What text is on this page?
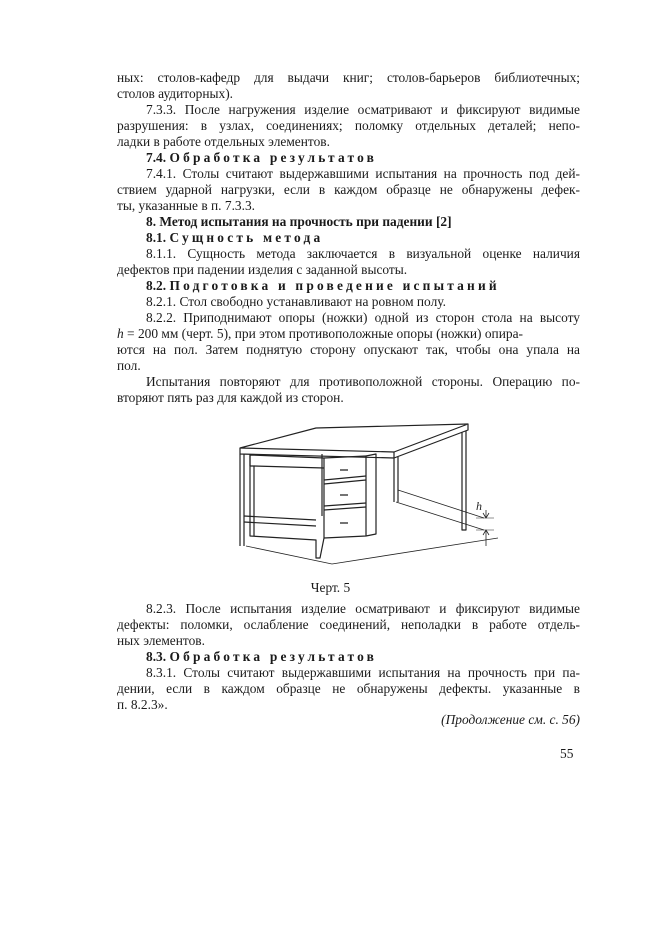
ных: столов-кафедр для выдачи книг; столов-барьеров библиотечных;
столов аудиторных).
7.3.3. После нагружения изделие осматривают и фиксируют видимые
разрушения: в узлах, соединениях; поломку отдельных деталей; непо-
ладки в работе отдельных элементов.
7.4. Обработка результатов
7.4.1. Столы считают выдержавшими испытания на прочность под дей-
ствием ударной нагрузки, если в каждом образце не обнаружены дефек-
ты, указанные в п. 7.3.3.
8. Метод испытания на прочность при падении [2]
8.1. Сущность метода
8.1.1. Сущность метода заключается в визуальной оценке наличия
дефектов при падении изделия с заданной высоты.
8.2. Подготовка и проведение испытаний
8.2.1. Стол свободно устанавливают на ровном полу.
8.2.2. Приподнимают опоры (ножки) одной из сторон стола на высоту
h = 200 мм (черт. 5), при этом противоположные опоры (ножки) опира-
ются на пол. Затем поднятую сторону опускают так, чтобы она упала на
пол.
Испытания повторяют для противоположной стороны. Операцию по-
вторяют пять раз для каждой из сторон.
h
Черт. 5
8.2.3. После испытания изделие осматривают и фиксируют видимые
дефекты: поломки, ослабление соединений, неполадки в работе отдель-
ных элементов.
8.3. Обработка результатов
8.3.1. Столы считают выдержавшими испытания на прочность при па-
дении, если в каждом образце не обнаружены дефекты. указанные в
п. 8.2.3».
(Продолжение см. с. 56)
55
